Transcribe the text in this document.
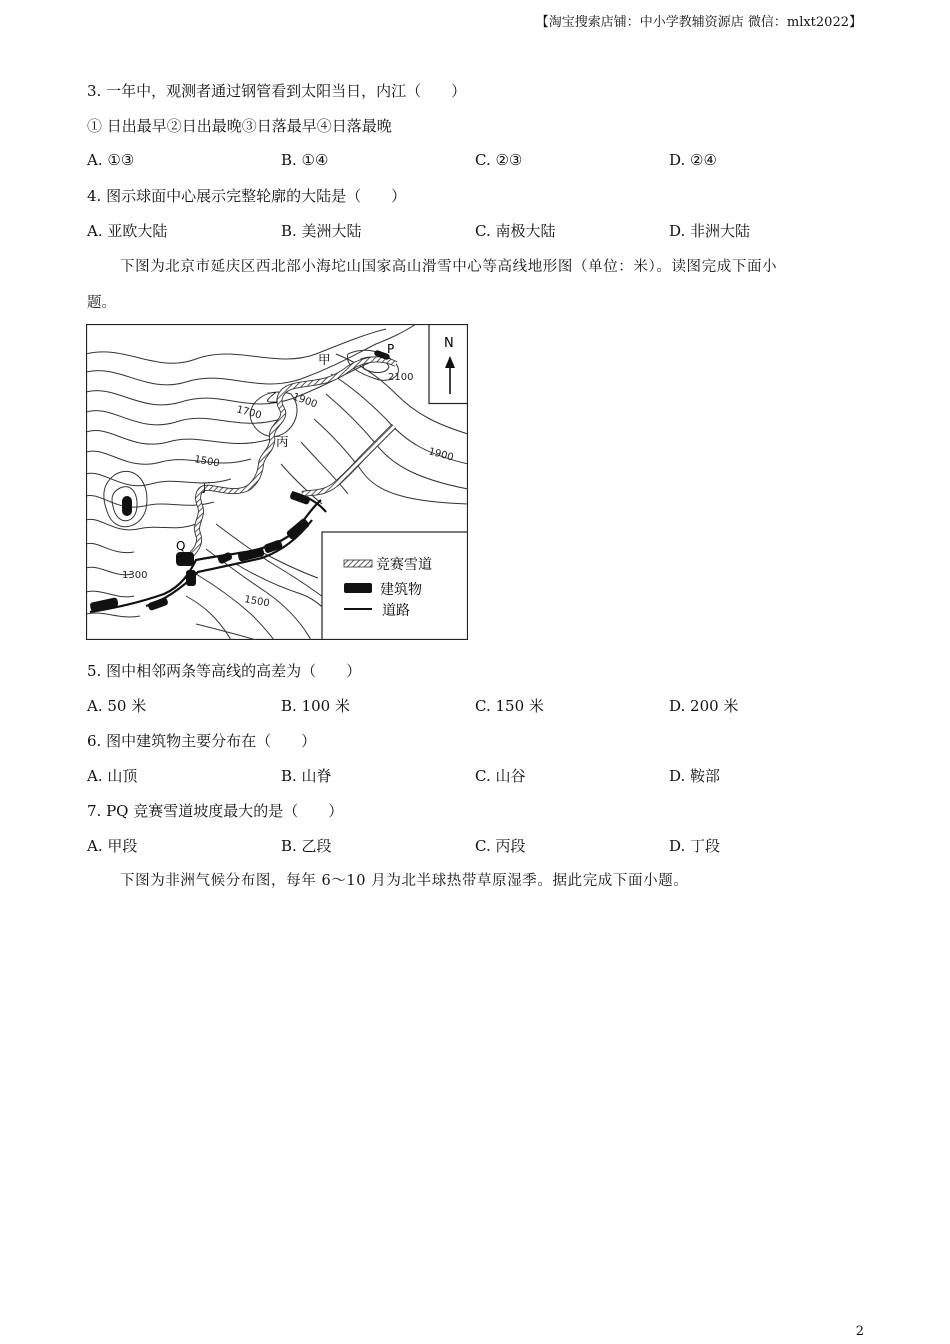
【淘宝搜索店铺：中小学教辅资源店 微信：mlxt2022】
3. 一年中，观测者通过钢管看到太阳当日，内江（　　）
① 日出最早②日出最晚③日落最早④日落最晚
A. ①③	B. ①④	C. ②③	D. ②④
4. 图示球面中心展示完整轮廓的大陆是（　　）
A. 亚欧大陆	B. 美洲大陆	C. 南极大陆	D. 非洲大陆
下图为北京市延庆区西北部小海坨山国家高山滑雪中心等高线地形图（单位：米）。读图完成下面小
题。
甲
乙
丙
丁
P
Q
2100
1900
1900
1700
1500
1500
1300
N
竞赛雪道
建筑物
道路
5. 图中相邻两条等高线的高差为（　　）
A. 50 米	B. 100 米	C. 150 米	D. 200 米
6. 图中建筑物主要分布在（　　）
A. 山顶	B. 山脊	C. 山谷	D. 鞍部
7. PQ 竞赛雪道坡度最大的是（　　）
A. 甲段	B. 乙段	C. 丙段	D. 丁段
下图为非洲气候分布图，每年 6～10 月为北半球热带草原湿季。据此完成下面小题。
2
